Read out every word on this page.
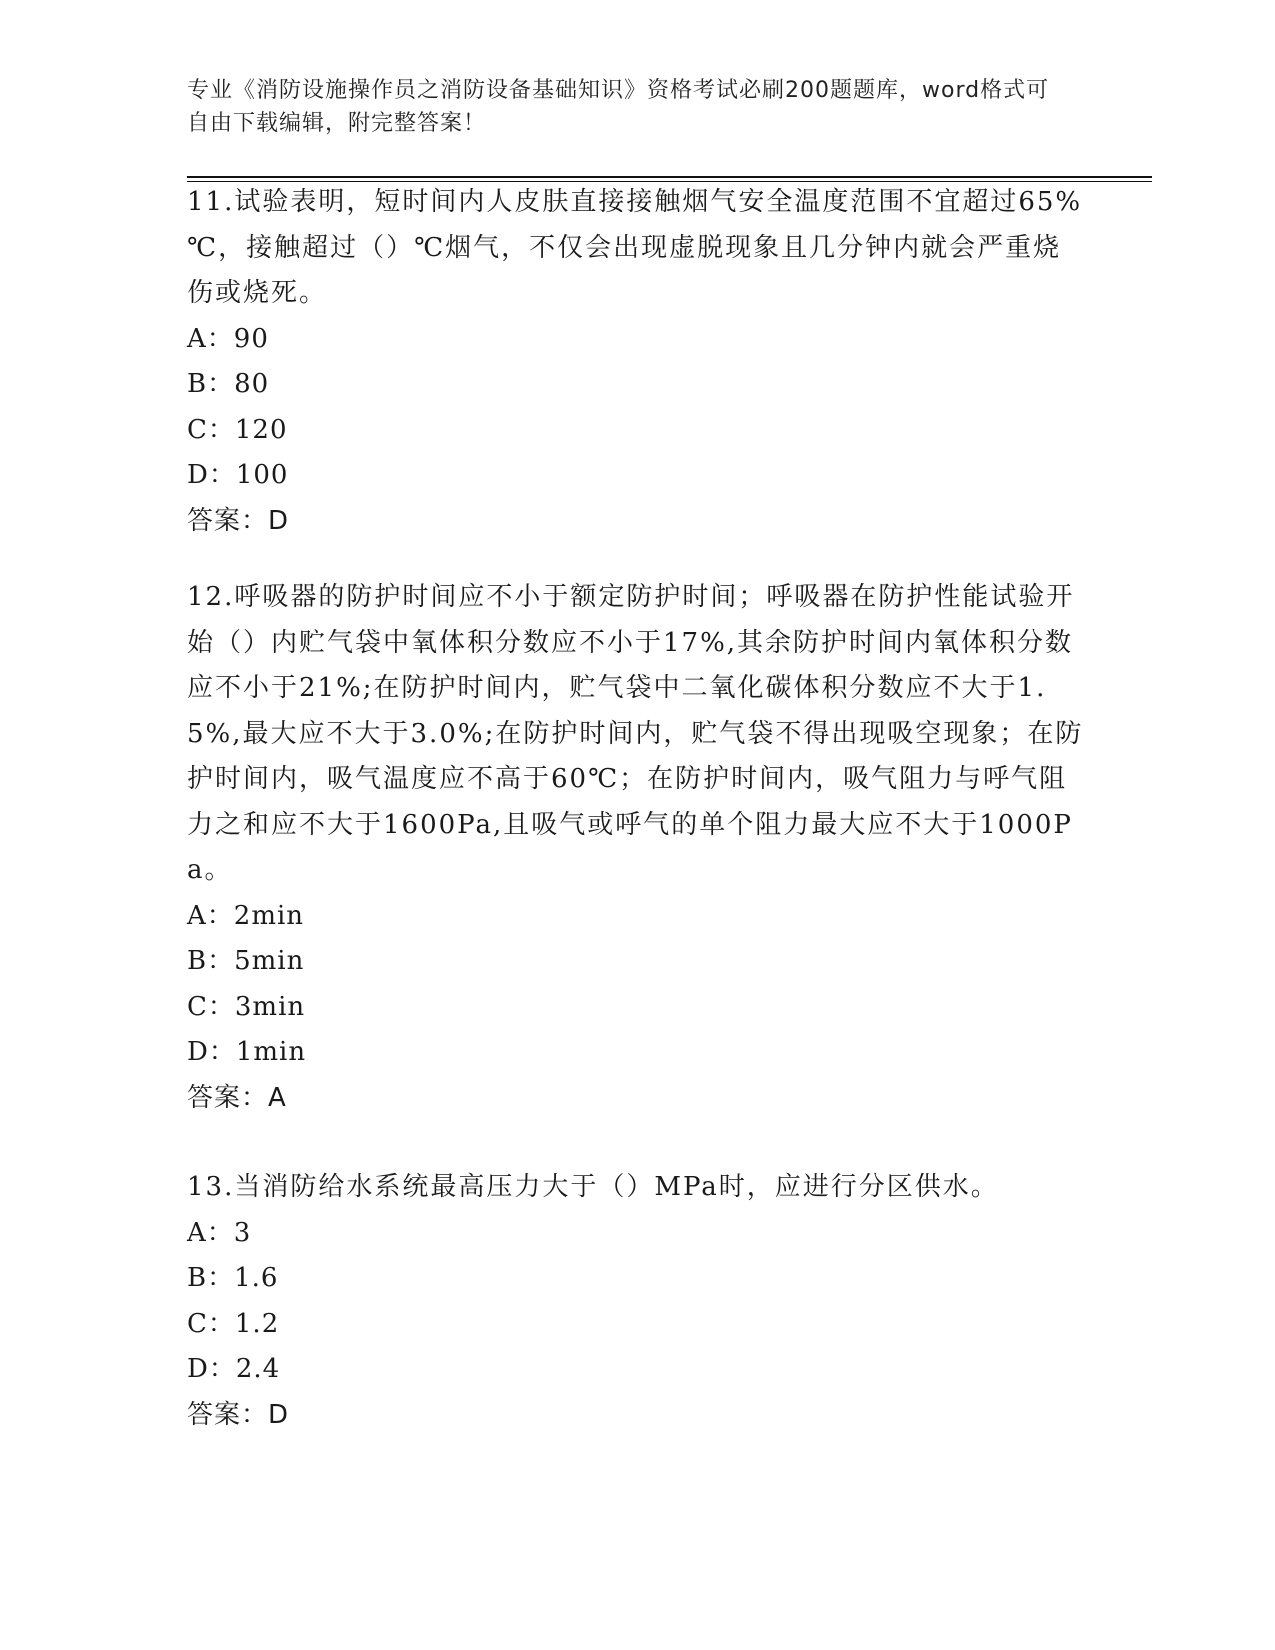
专业《消防设施操作员之消防设备基础知识》资格考试必刷200题题库，word格式可自由下载编辑，附完整答案！

11.试验表明，短时间内人皮肤直接接触烟气安全温度范围不宜超过65%℃，接触超过（）℃烟气，不仅会出现虚脱现象且几分钟内就会严重烧伤或烧死。

A：90

B：80

C：120

D：100

答案：D

12.呼吸器的防护时间应不小于额定防护时间；呼吸器在防护性能试验开始（）内贮气袋中氧体积分数应不小于17%,其余防护时间内氧体积分数应不小于21%;在防护时间内，贮气袋中二氧化碳体积分数应不大于1.5%,最大应不大于3.0%;在防护时间内，贮气袋不得出现吸空现象；在防护时间内，吸气温度应不高于60℃；在防护时间内，吸气阻力与呼气阻力之和应不大于1600Pa,且吸气或呼气的单个阻力最大应不大于1000Pa。

A：2min

B：5min

C：3min

D：1min

答案：A

13.当消防给水系统最高压力大于（）MPa时，应进行分区供水。

A：3

B：1.6

C：1.2

D：2.4

答案：D
